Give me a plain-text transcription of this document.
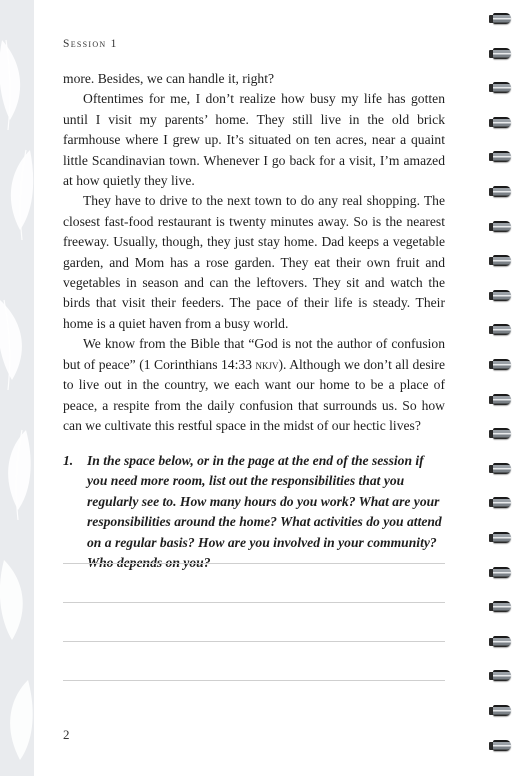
Session 1

more. Besides, we can handle it, right?

Oftentimes for me, I don’t realize how busy my life has gotten until I visit my parents’ home. They still live in the old brick farmhouse where I grew up. It’s situated on ten acres, near a quaint little Scandinavian town. Whenever I go back for a visit, I’m amazed at how quietly they live.

They have to drive to the next town to do any real shopping. The closest fast-food restaurant is twenty minutes away. So is the nearest freeway. Usually, though, they just stay home. Dad keeps a vegetable garden, and Mom has a rose garden. They eat their own fruit and vegetables in season and can the leftovers. They sit and watch the birds that visit their feeders. The pace of their life is steady. Their home is a quiet haven from a busy world.

We know from the Bible that “God is not the author of confusion but of peace” (1 Corinthians 14:33 nkjv). Although we don’t all desire to live out in the country, we each want our home to be a place of peace, a respite from the daily confusion that surrounds us. So how can we cultivate this restful space in the midst of our hectic lives?

1.	In the space below, or in the page at the end of the session if you need more room, list out the responsibilities that you regularly see to. How many hours do you work? What are your responsibilities around the home? What activities do you attend on a regular basis? How are you involved in your community? Who depends on you?
2
